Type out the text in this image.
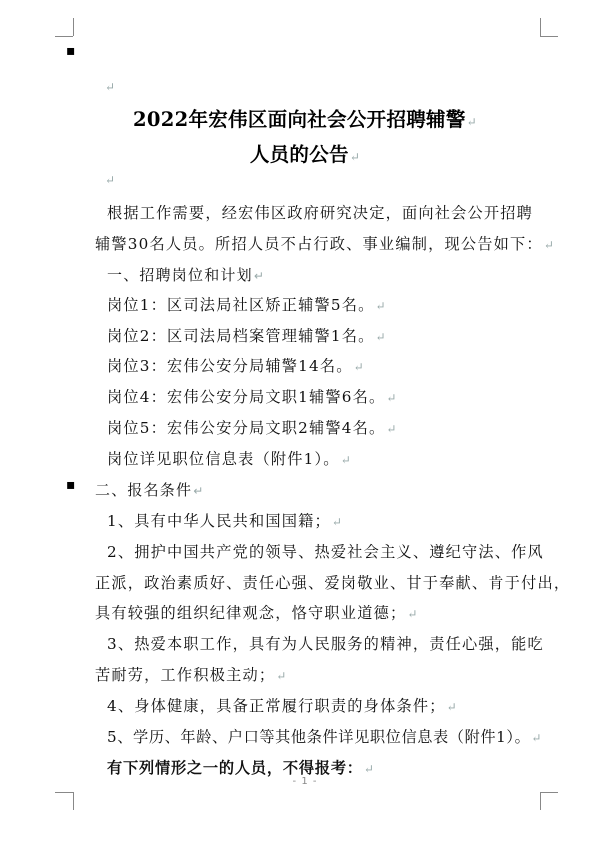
▪
▪
↵
↵
2022年宏伟区面向社会公开招聘辅警↵
人员的公告↵
根据工作需要，经宏伟区政府研究决定，面向社会公开招聘
辅警30名人员。所招人员不占行政、事业编制，现公告如下：↵
一、招聘岗位和计划↵
岗位1：区司法局社区矫正辅警5名。↵
岗位2：区司法局档案管理辅警1名。↵
岗位3：宏伟公安分局辅警14名。↵
岗位4：宏伟公安分局文职1辅警6名。↵
岗位5：宏伟公安分局文职2辅警4名。↵
岗位详见职位信息表（附件1）。↵
二、报名条件↵
1、具有中华人民共和国国籍；↵
2、拥护中国共产党的领导、热爱社会主义、遵纪守法、作风
正派，政治素质好、责任心强、爱岗敬业、甘于奉献、肯于付出，
具有较强的组织纪律观念，恪守职业道德；↵
3、热爱本职工作，具有为人民服务的精神，责任心强，能吃
苦耐劳，工作积极主动；↵
4、身体健康，具备正常履行职责的身体条件；↵
5、学历、年龄、户口等其他条件详见职位信息表（附件1）。↵
有下列情形之一的人员，不得报考：↵
- 1 -
